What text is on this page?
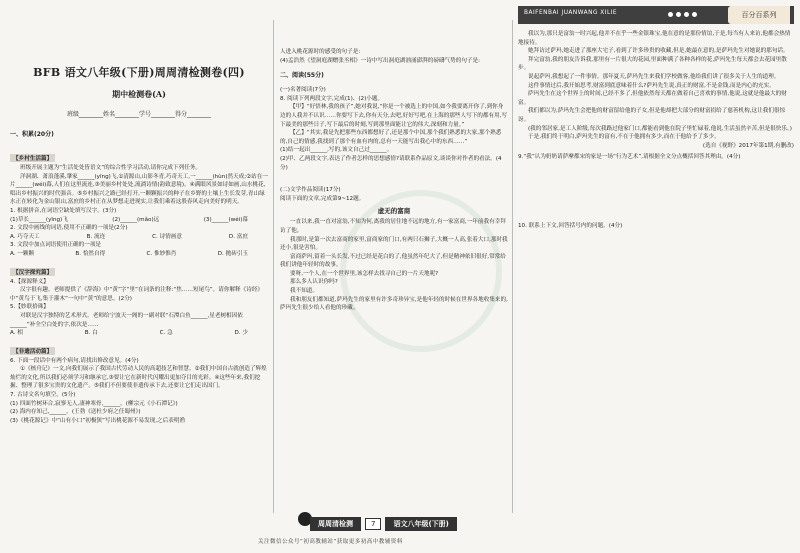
BAIFENBAI JUANWANG XILIE	百分百系列
BFB 语文八年级(下册)周周清检测卷(四)
期中检测卷(A)
班级________姓名________学号________得分________

一、积累(20分)

【乡村生活篇】

班级开展主题为“生活处处皆语文”的综合性学习活动,请你完成下列任务。

洋洞湖、萧浪蓬溪,肇家______(yīng)飞,①清源山,山影冬青,巧奇天工,一______(hùn)然天成;②站在一片______(wéi)幕,人们在这里流连,③美丽乡村处处,流淌诗情(韵致意境)。④满眼风景如诗如画,山水桃花,唱出乡村振兴的时代强音。⑤乡村振兴之路已经打开,一颗颗振兴的种子在乡野的土壤上生长发芽,青山绿水正在转化为金山银山,富庶的乡村正在从梦想走进现实,让我们乘着这股春风走向美好的明天。

1. 根据拼音,在词语空缺处填写汉字。(3分)

(1)草长______(yīng)飞	(2)______(mǎo)远	(3)______(wéi)幕

2. 文段中画线的词语,使用不正确的一项是(2分)

A. 巧夺天工	B. 流连	C. 诗情画意	D. 富庶

3. 文段中加点词语使用正确的一项是

A. 一颗颗	B. 恰然自得	C. 惟妙惟肖	D. 抛砖引玉
【汉字探究篇】

4.【探源释义】

汉字很有趣。老师提供了《辞海》中“黄”字“里”在词条的注释:“焦……短尾鸟”。请你解释《诗经》中“黄鸟于飞,集于灌木”一句中“黄”的意思。(2分)

5.【妙联拾珠】

对联是汉字独特的艺术形式。老师给宁波天一阁的一副对联“石潭白鱼______,星老树相因依______”补全空白处的字,依次是……

A. 相	B. 白	C. 急	D. 少
【非遗活动篇】

6. 下面一段话中有两个病句,请找出修改意见。(4分)

①《核舟记》一文,向我们展示了我国古代劳动人民的高超技艺和智慧。②我们中国自古就创造了辉煌灿烂的文化,所以我们必须学习和继承它,③要让它在新时代闪耀出更加夺目的光彩。④这些年来,我们挖掘、整理了很多宝贵的文化遗产。⑤我们不但要使非遗传承下去,还要让它们走出国门。

7. 古诗文名句填空。(5分)

(1) 四面竹树环合,寂寥无人,凄神寒骨,______。(柳宗元《小石潭记》)

(2) 海内存知己,______。(王勃《送杜少府之任蜀州》)

(3)《桃花源记》中“山有小口”初极狭”写出桃花源不易发现,之后表明渔

人进入桃花源时的感受的句子是:

(4)孟浩然《望洞庭湖赠张丞相》一诗中写出洞庭湖汹涌澎湃的磅礴气势的句子是:

二、阅读(55分)

(一)名著阅读(7分)

8. 阅读下列两段文字,完成(1)、(2)小题。

【甲】“好悟林,我的孩子”,她对我说,“你是一个被选上的中国,如今我要离开你了,到你身边的人我并不认识……你要写下去,你有天分,去吧,好好写吧,在上海的那些人写下的都有用,写下最美的那些日子,写下最后的时刻,写到那里面能让它的伟大,深刻和力量。”

【乙】“其实,我是先把那些东西都想好了,还是那个中国,那个我们熟悉的大家,那个熟悉的,自己的情感,我找到了那个有血有肉的,总有一天能写出我心中的东西……”

(1)结一起出______,写的,该文自己过______。

(2)甲、乙两段文字,表达了作者怎样的思想感情?请联系作品原文,谈谈你对作者的看法。(4分)

(二)文学作品阅读(17分)

阅读下面的文章,完成第9~12题。

虚无的富商

一直以来,我一直对富翁,不知为何,离我的居住地不远的地方,有一家富商,一年前我有幸拜访了他。

我那时,是第一次去富商的家里,富商家的门口,有两只石狮子,大概一人高,张着大口,那时我还小,很是害怕。

富商萨玛,留着一头长发,不过已经是花白的了,他虽然年纪大了,但是精神依旧很好,常常给我们讲他年轻时的故事。

要呀,一个人,在一个世界里,该怎样去找寻自己的一片天地呢?

那么多人认识你吗?

我不知道。

我和朋友们都知道,萨玛先生的家里有许多奇珍异宝,是他年轻的时候在世界各地收集来的,萨玛先生很少给人看他的珍藏。

我以为,那只是富翁一时兴起,他并不在乎一些金银珠宝,他在意的是那份情谊,于是,每当有人来访,他都会热情地接待。

她拜访过萨玛,她走进了那座大宅子,看到了许多珍贵的收藏,但是,她最在意的,是萨玛先生对她说的那句话。

拜完富翁,我的朋友告诉我,那里有一片很大的花园,里面种满了各种各样的花,萨玛先生每天都会去花园里散步。

说起萨玛,我想起了一件事情。那年夏天,萨玛先生来我们学校做客,他给我们讲了很多关于人生的道理。

这件事情过后,我开始思考,财富到底意味着什么?萨玛先生说,真正的财富,不是金钱,而是内心的充实。

萨玛先生在这个世界上的时间,已经不多了,但他依然每天都在做着自己喜欢的事情,他说,这就是他最大的财富。

我们都以为,萨玛先生会把他的财富留给他的子女,但是他却把大部分的财富捐给了慈善机构,这让我们很惊讶。

(我的邻居家,是工人阶级,每次我路过他家门口,都能看到他在院子里忙碌着,他说,生活虽然辛苦,但是很快乐。)

于是,我们终于明白,萨玛先生的富有,不在于他拥有多少,而在于他给予了多少。

(选自《视野》2017年第1期,有删改)

9.“我”认为奶奶请萨摩都宋的家是一场“行为艺术”,请根据全文分点概括回答其理由。(4分)

10. 联系上下文,回答括号内的问题。(4分)

周周清检测	7	语文八年级(下册)
关注微信公众号“初高教辅站”获取更多初高中教辅资料
